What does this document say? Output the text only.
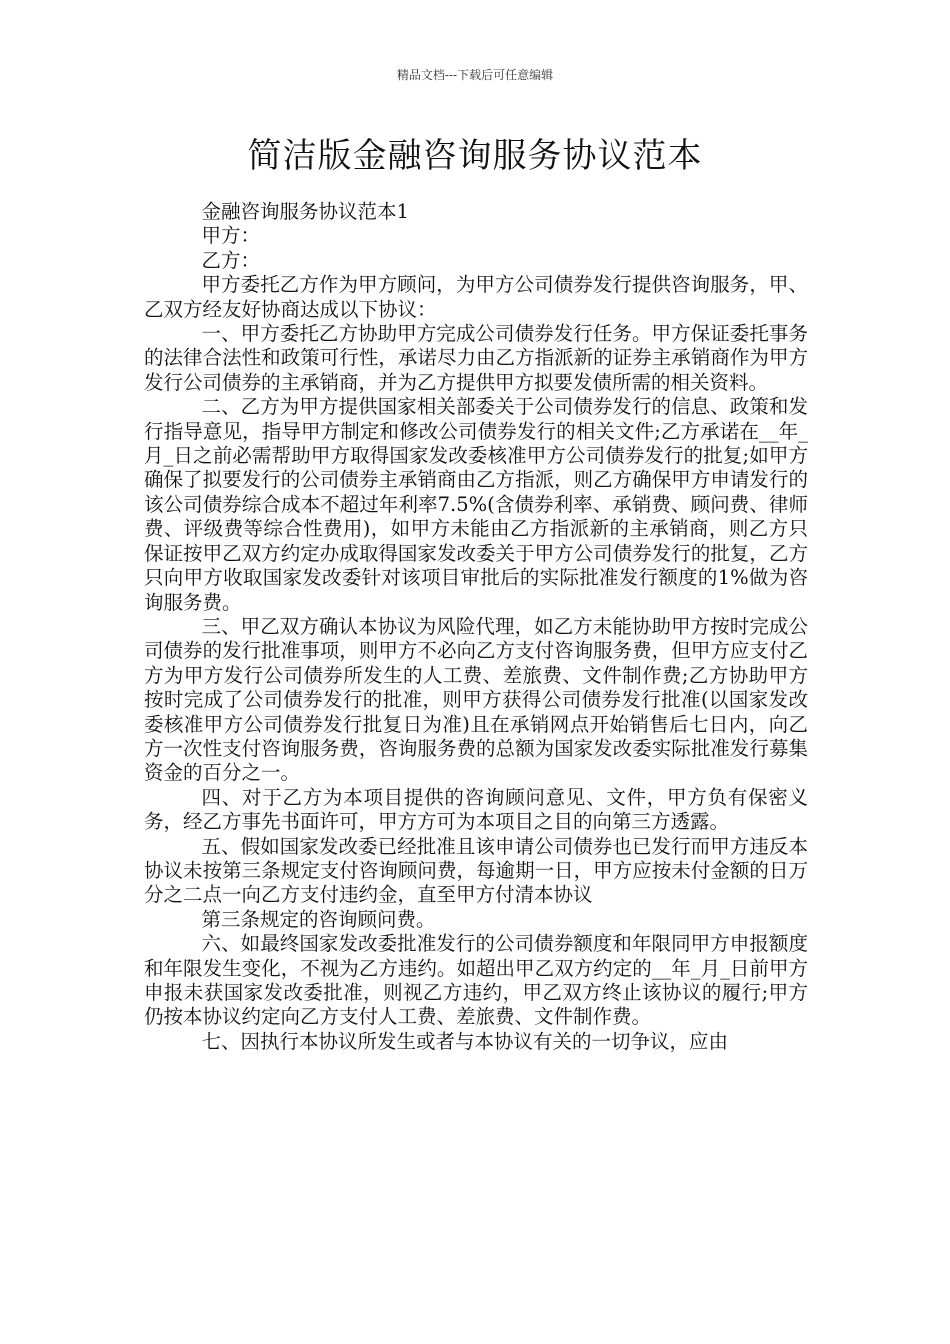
精品文档---下载后可任意编辑
简洁版金融咨询服务协议范本

金融咨询服务协议范本1

甲方：

乙方：

甲方委托乙方作为甲方顾问，为甲方公司债券发行提供咨询服务，甲、乙双方经友好协商达成以下协议：

一、甲方委托乙方协助甲方完成公司债券发行任务。甲方保证委托事务的法律合法性和政策可行性，承诺尽力由乙方指派新的证券主承销商作为甲方发行公司债券的主承销商，并为乙方提供甲方拟要发债所需的相关资料。

二、乙方为甲方提供国家相关部委关于公司债券发行的信息、政策和发行指导意见，指导甲方制定和修改公司债券发行的相关文件;乙方承诺在__年_月_日之前必需帮助甲方取得国家发改委核准甲方公司债券发行的批复;如甲方确保了拟要发行的公司债券主承销商由乙方指派，则乙方确保甲方申请发行的该公司债券综合成本不超过年利率7.5%(含债券利率、承销费、顾问费、律师费、评级费等综合性费用)，如甲方未能由乙方指派新的主承销商，则乙方只保证按甲乙双方约定办成取得国家发改委关于甲方公司债券发行的批复，乙方只向甲方收取国家发改委针对该项目审批后的实际批准发行额度的1%做为咨询服务费。

三、甲乙双方确认本协议为风险代理，如乙方未能协助甲方按时完成公司债券的发行批准事项，则甲方不必向乙方支付咨询服务费，但甲方应支付乙方为甲方发行公司债券所发生的人工费、差旅费、文件制作费;乙方协助甲方按时完成了公司债券发行的批准，则甲方获得公司债券发行批准(以国家发改委核准甲方公司债券发行批复日为准)且在承销网点开始销售后七日内，向乙方一次性支付咨询服务费，咨询服务费的总额为国家发改委实际批准发行募集资金的百分之一。

四、对于乙方为本项目提供的咨询顾问意见、文件，甲方负有保密义务，经乙方事先书面许可，甲方方可为本项目之目的向第三方透露。

五、假如国家发改委已经批准且该申请公司债券也已发行而甲方违反本协议未按第三条规定支付咨询顾问费，每逾期一日，甲方应按未付金额的日万分之二点一向乙方支付违约金，直至甲方付清本协议

第三条规定的咨询顾问费。

六、如最终国家发改委批准发行的公司债券额度和年限同甲方申报额度和年限发生变化，不视为乙方违约。如超出甲乙双方约定的__年_月_日前甲方申报未获国家发改委批准，则视乙方违约，甲乙双方终止该协议的履行;甲方仍按本协议约定向乙方支付人工费、差旅费、文件制作费。

七、因执行本协议所发生或者与本协议有关的一切争议，应由
